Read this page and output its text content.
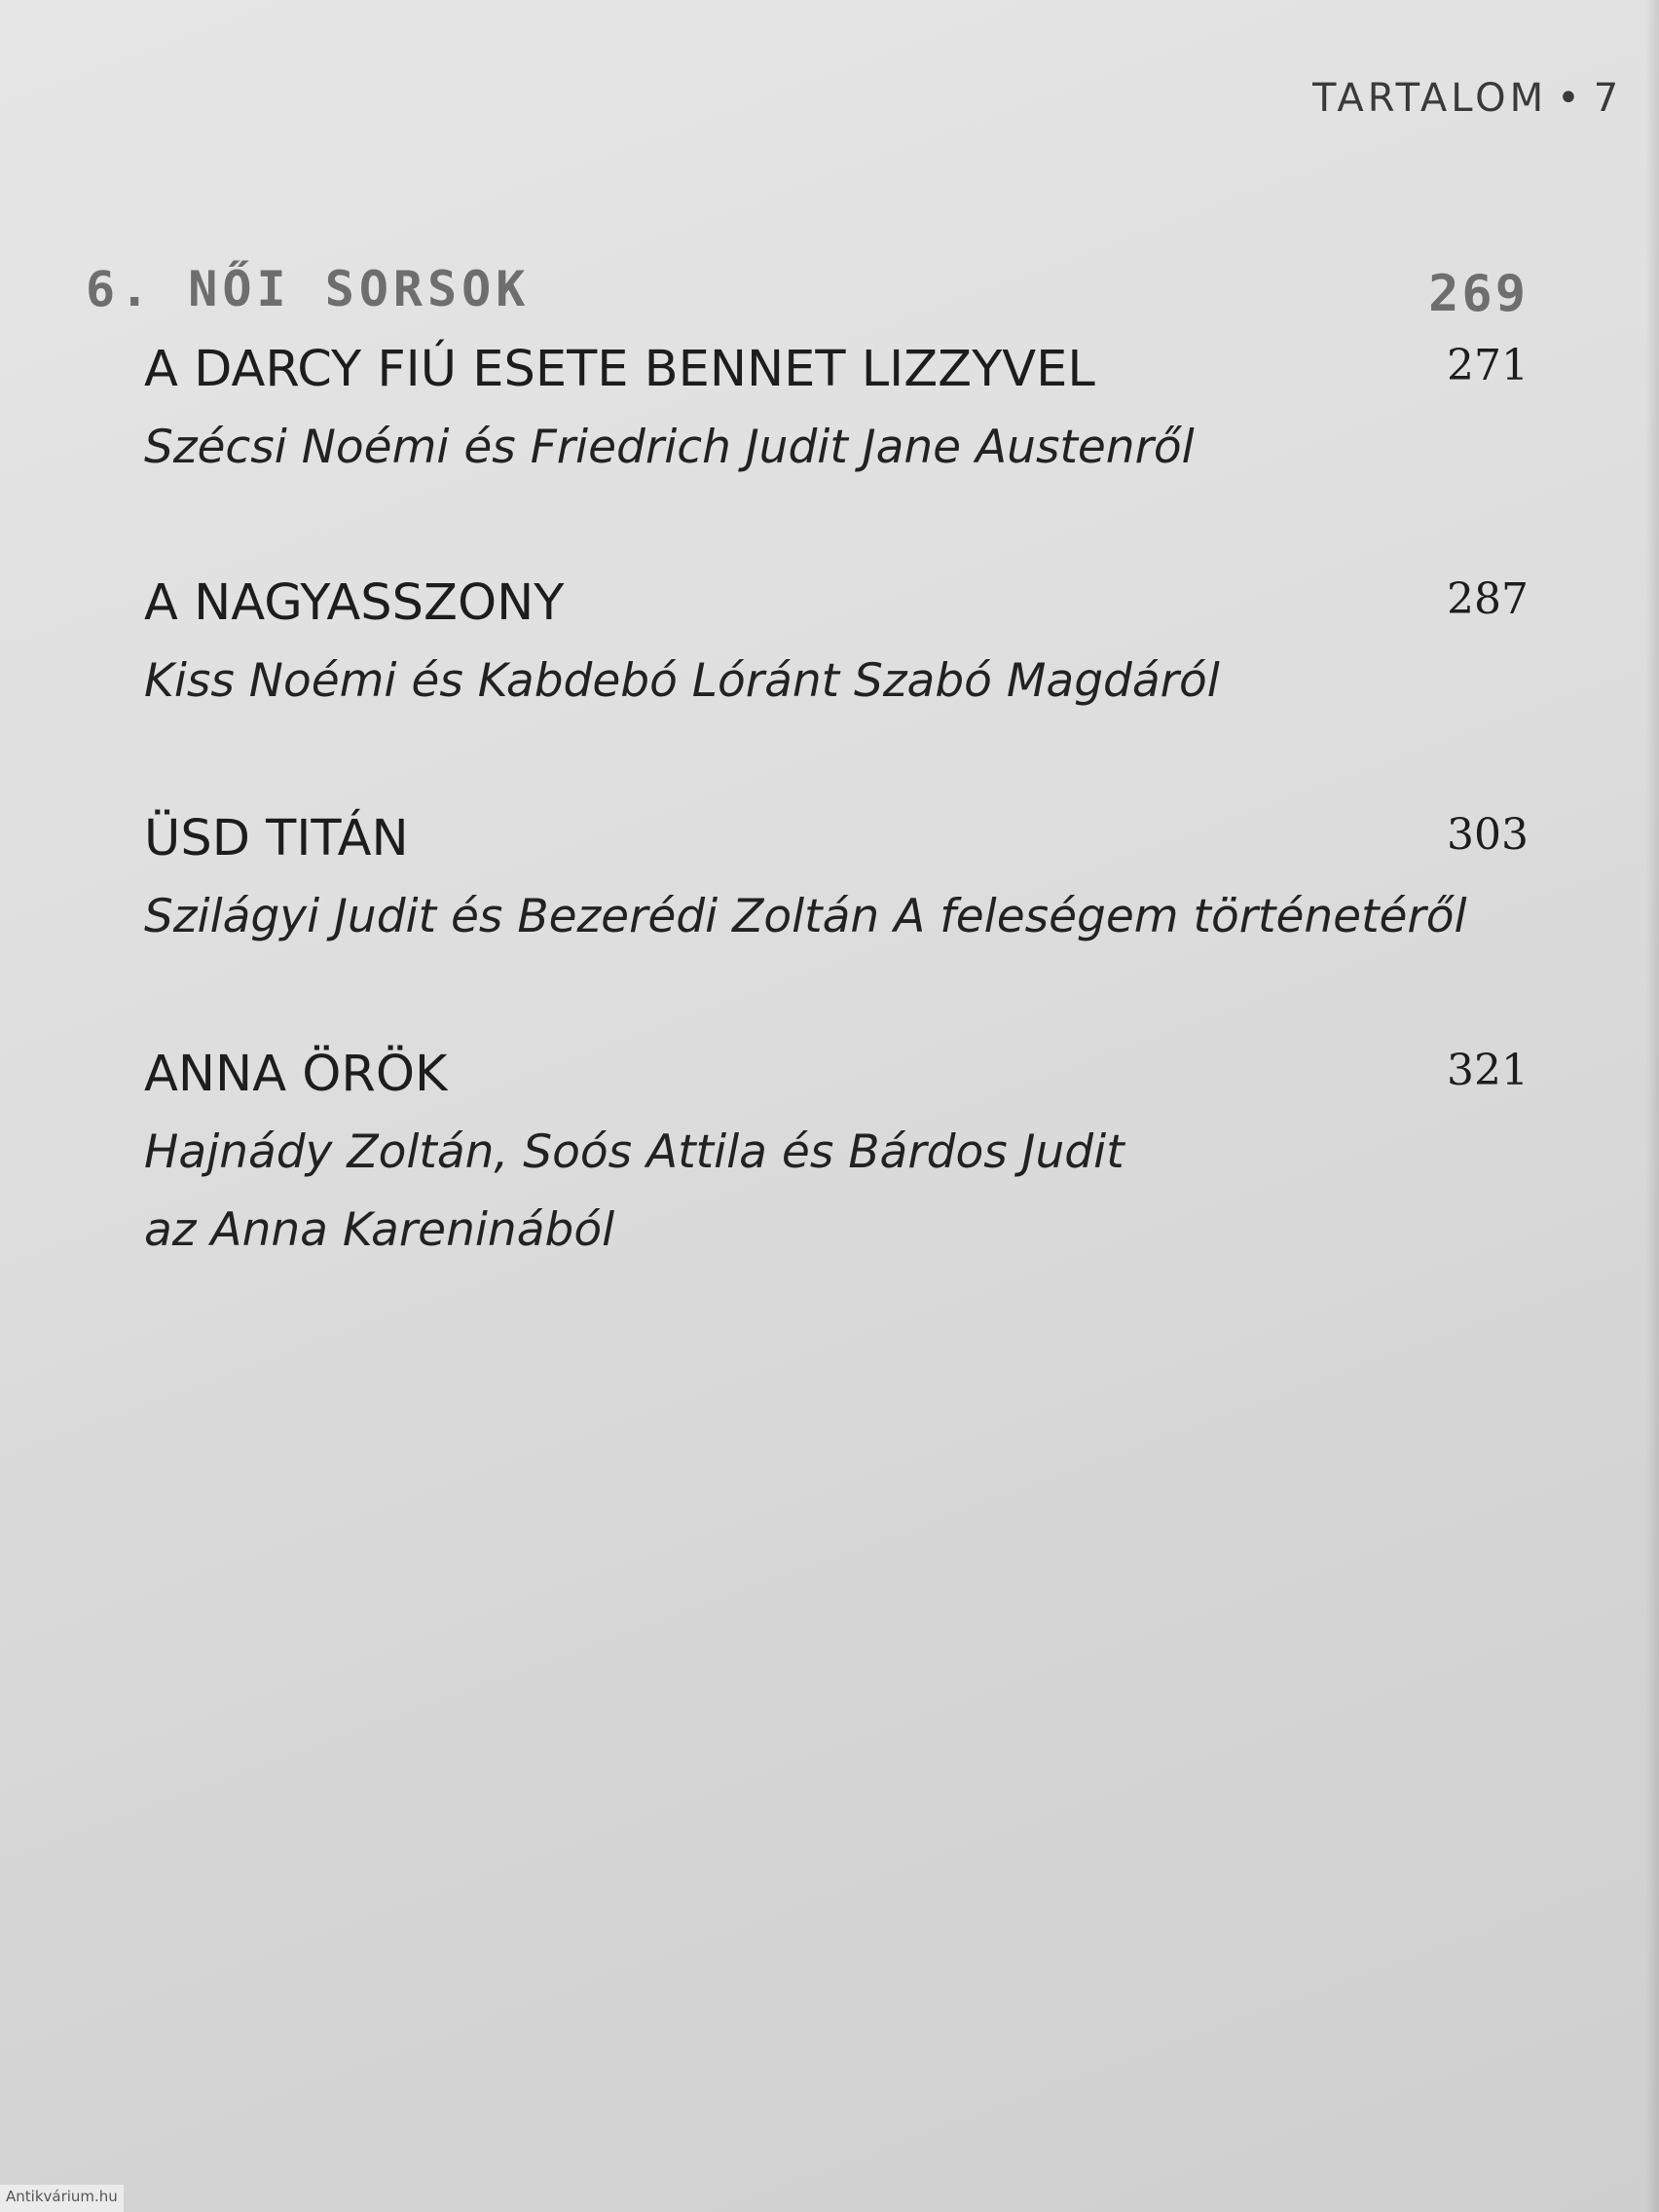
TARTALOM • 7
6. NŐI SORSOK	269
A DARCY FIÚ ESETE BENNET LIZZYVEL	271
Szécsi Noémi és Friedrich Judit Jane Austenről
A NAGYASSZONY	287
Kiss Noémi és Kabdebó Lóránt Szabó Magdáról
ÜSD TITÁN	303
Szilágyi Judit és Bezerédi Zoltán A feleségem történetéről
ANNA ÖRÖK	321
Hajnády Zoltán, Soós Attila és Bárdos Judit
az Anna Kareninából
Antikvárium.hu
